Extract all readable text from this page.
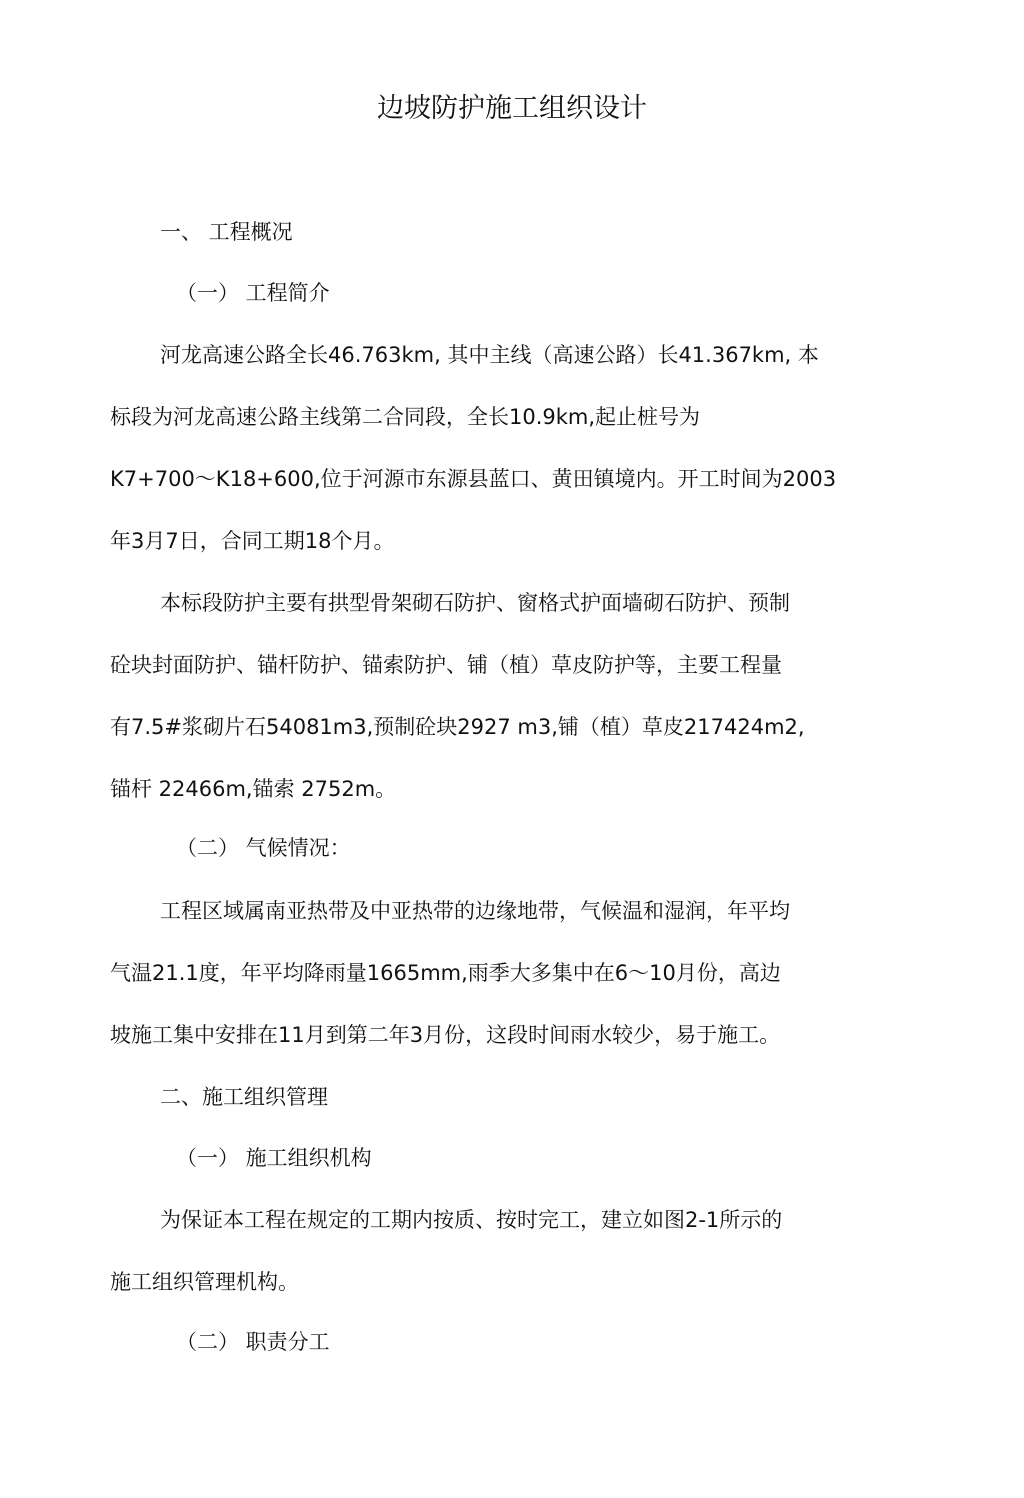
边坡防护施工组织设计
一、 工程概况
（一） 工程简介
河龙高速公路全长46.763km, 其中主线（高速公路）长41.367km, 本
标段为河龙高速公路主线第二合同段，全长10.9km,起止桩号为
K7+700～K18+600,位于河源市东源县蓝口、黄田镇境内。开工时间为2003
年3月7日，合同工期18个月。
本标段防护主要有拱型骨架砌石防护、窗格式护面墙砌石防护、预制
砼块封面防护、锚杆防护、锚索防护、铺（植）草皮防护等，主要工程量
有7.5#浆砌片石54081m3,预制砼块2927 m3,铺（植）草皮217424m2,
锚杆 22466m,锚索 2752m。
（二） 气候情况：
工程区域属南亚热带及中亚热带的边缘地带，气候温和湿润，年平均
气温21.1度，年平均降雨量1665mm,雨季大多集中在6～10月份，高边
坡施工集中安排在11月到第二年3月份，这段时间雨水较少，易于施工。
二、施工组织管理
（一） 施工组织机构
为保证本工程在规定的工期内按质、按时完工，建立如图2-1所示的
施工组织管理机构。
（二） 职责分工
